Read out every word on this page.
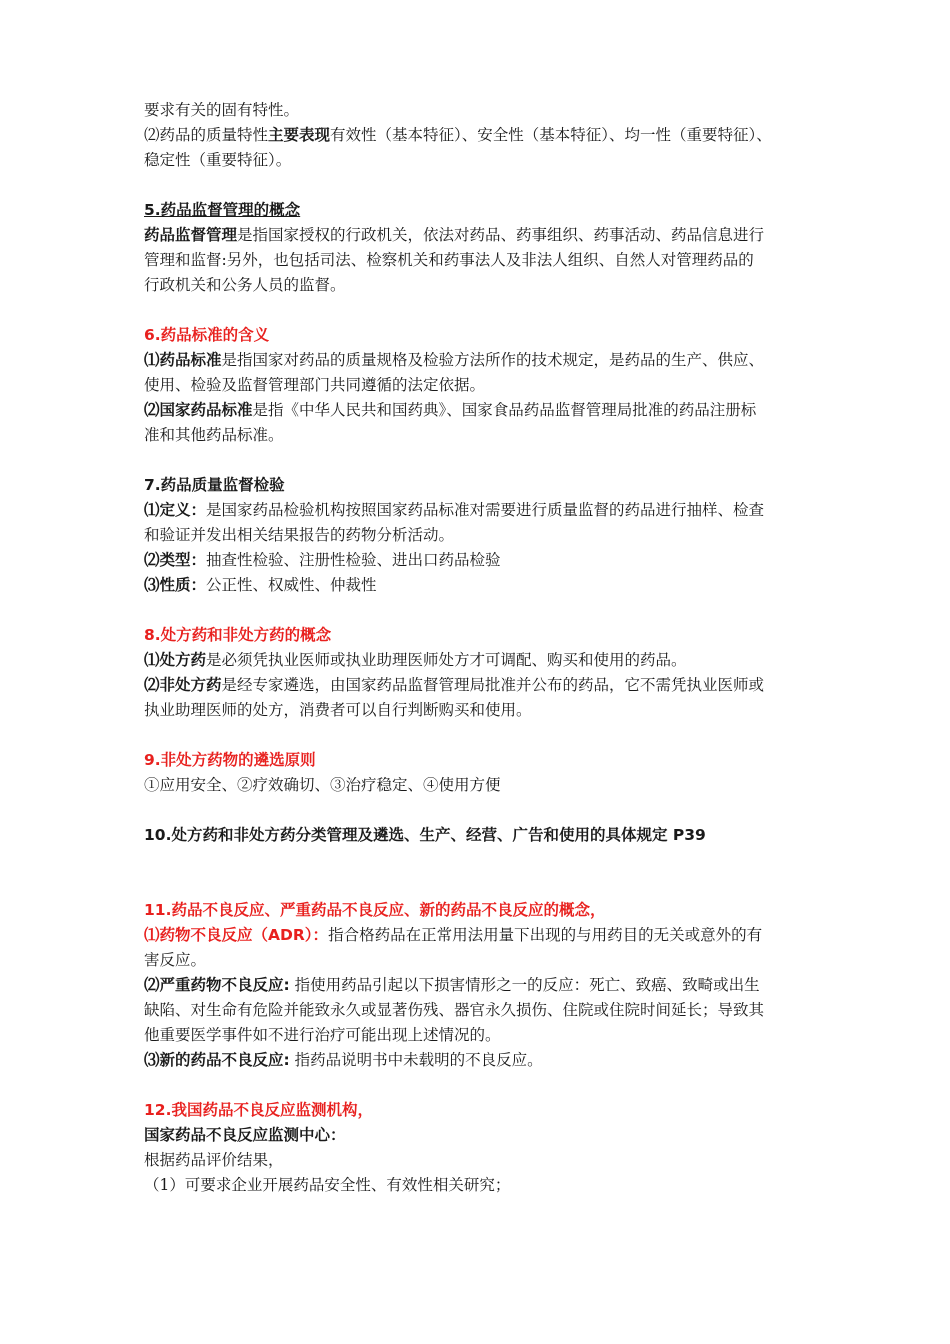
要求有关的固有特性。

⑵药品的质量特性主要表现有效性（基本特征）、安全性（基本特征）、均一性（重要特征）、

稳定性（重要特征）。

5.药品监督管理的概念

药品监督管理是指国家授权的行政机关，依法对药品、药事组织、药事活动、药品信息进行

管理和监督:另外，也包括司法、检察机关和药事法人及非法人组织、自然人对管理药品的

行政机关和公务人员的监督。

6.药品标准的含义

⑴药品标准是指国家对药品的质量规格及检验方法所作的技术规定，是药品的生产、供应、

使用、检验及监督管理部门共同遵循的法定依据。

⑵国家药品标准是指《中华人民共和国药典》、国家食品药品监督管理局批准的药品注册标

准和其他药品标准。

7.药品质量监督检验

⑴定义：是国家药品检验机构按照国家药品标准对需要进行质量监督的药品进行抽样、检查

和验证并发出相关结果报告的药物分析活动。

⑵类型：抽查性检验、注册性检验、进出口药品检验

⑶性质：公正性、权威性、仲裁性

8.处方药和非处方药的概念

⑴处方药是必须凭执业医师或执业助理医师处方才可调配、购买和使用的药品。

⑵非处方药是经专家遴选，由国家药品监督管理局批准并公布的药品，它不需凭执业医师或

执业助理医师的处方，消费者可以自行判断购买和使用。

9.非处方药物的遴选原则

①应用安全、②疗效确切、③治疗稳定、④使用方便

10.处方药和非处方药分类管理及遴选、生产、经营、广告和使用的具体规定 P39

11.药品不良反应、严重药品不良反应、新的药品不良反应的概念，

⑴药物不良反应（ADR）：指合格药品在正常用法用量下出现的与用药目的无关或意外的有

害反应。

⑵严重药物不良反应: 指使用药品引起以下损害情形之一的反应：死亡、致癌、致畸或出生

缺陷、对生命有危险并能致永久或显著伤残、器官永久损伤、住院或住院时间延长；导致其

他重要医学事件如不进行治疗可能出现上述情况的。

⑶新的药品不良反应: 指药品说明书中未载明的不良反应。

12.我国药品不良反应监测机构，

国家药品不良反应监测中心：

根据药品评价结果，

（1）可要求企业开展药品安全性、有效性相关研究；
